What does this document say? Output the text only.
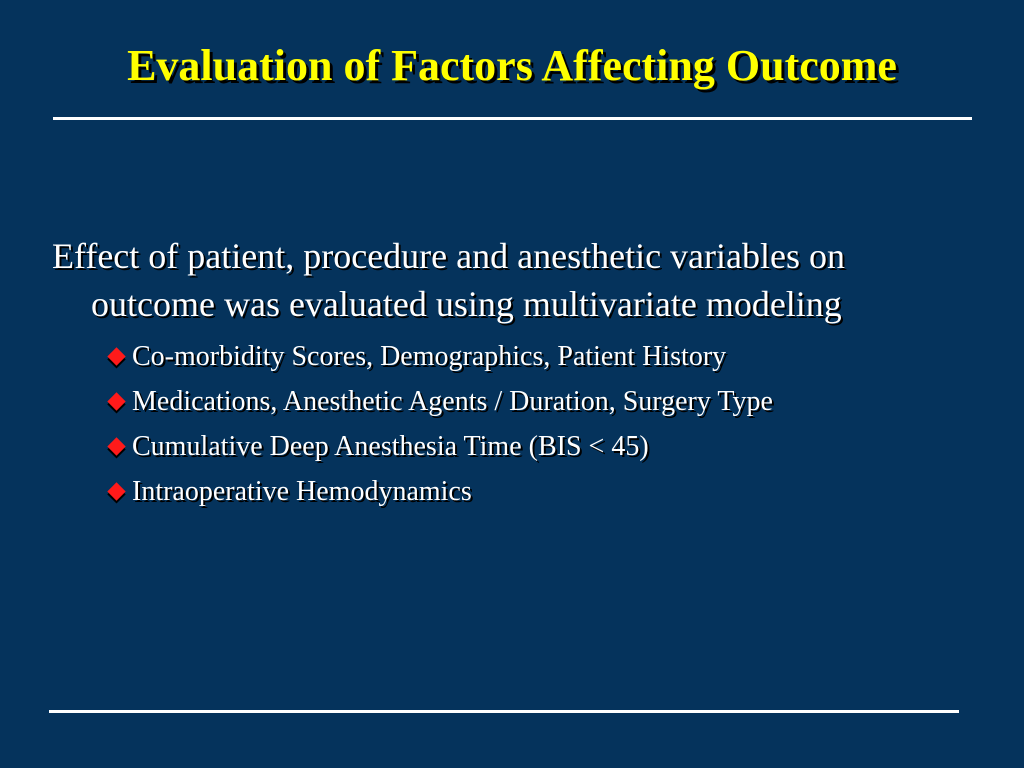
Evaluation of Factors Affecting Outcome

Effect of patient, procedure and anesthetic variables on outcome was evaluated using multivariate modeling

Co-morbidity Scores, Demographics, Patient History
Medications, Anesthetic Agents / Duration, Surgery Type
Cumulative Deep Anesthesia Time (BIS < 45)
Intraoperative Hemodynamics
